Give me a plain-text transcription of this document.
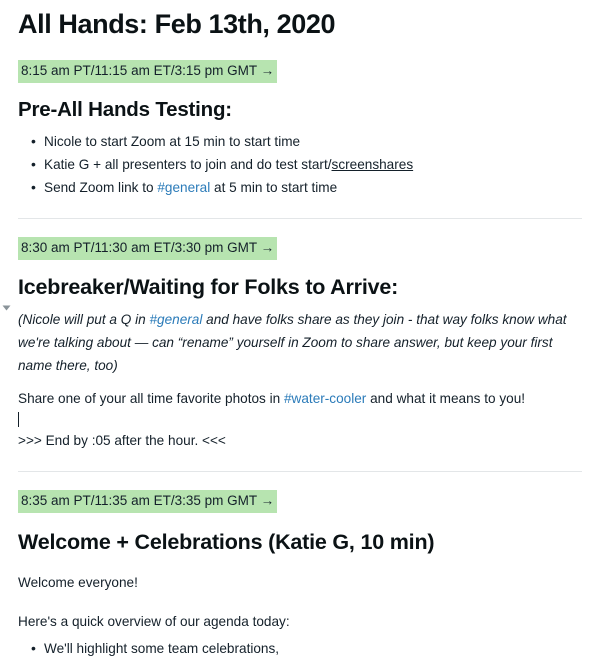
All Hands: Feb 13th, 2020
8:15 am PT/11:15 am ET/3:15 pm GMT →
Pre-All Hands Testing:
• Nicole to start Zoom at 15 min to start time
• Katie G + all presenters to join and do test start/screenshares
• Send Zoom link to #general at 5 min to start time
8:30 am PT/11:30 am ET/3:30 pm GMT →
Icebreaker/Waiting for Folks to Arrive:
(Nicole will put a Q in #general and have folks share as they join - that way folks know what we're talking about — can “rename” yourself in Zoom to share answer, but keep your first name there, too)
Share one of your all time favorite photos in #water-cooler and what it means to you!
>>> End by :05 after the hour. <<<
8:35 am PT/11:35 am ET/3:35 pm GMT →
Welcome + Celebrations (Katie G, 10 min)
Welcome everyone!
Here's a quick overview of our agenda today:
• We'll highlight some team celebrations,
